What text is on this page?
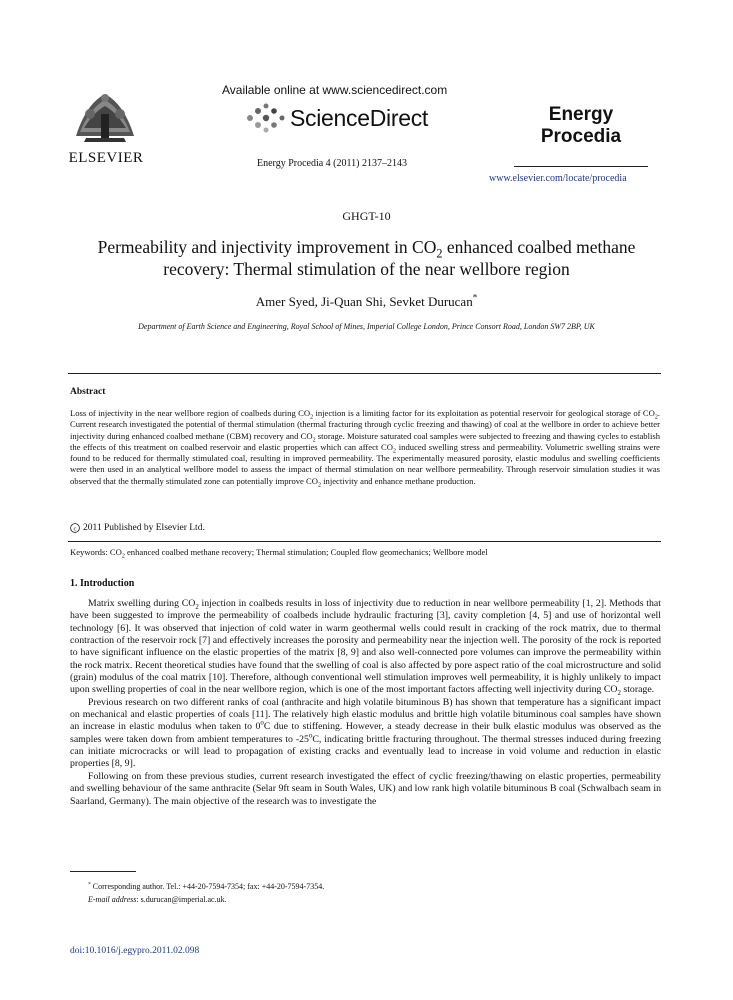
ELSEVIER
Available online at www.sciencedirect.com
ScienceDirect
Energy Procedia 4 (2011) 2137–2143
Energy
Procedia
www.elsevier.com/locate/procedia
GHGT-10
Permeability and injectivity improvement in $CO_2$ enhanced coalbed methane recovery: Thermal stimulation of the near wellbore region
Amer Syed, Ji-Quan Shi, Sevket Durucan*
Department of Earth Science and Engineering, Royal School of Mines, Imperial College London, Prince Consort Road, London SW7 2BP, UK
Abstract
Loss of injectivity in the near wellbore region of coalbeds during $CO_2$ injection is a limiting factor for its exploitation as potential reservoir for geological storage of $CO_2$. Current research investigated the potential of thermal stimulation (thermal fracturing through cyclic freezing and thawing) of coal at the wellbore in order to achieve better injectivity during enhanced coalbed methane (CBM) recovery and $CO_2$ storage. Moisture saturated coal samples were subjected to freezing and thawing cycles to establish the effects of this treatment on coalbed reservoir and elastic properties which can affect $CO_2$ induced swelling stress and permeability. Volumetric swelling strains were found to be reduced for thermally stimulated coal, resulting in improved permeability. The experimentally measured porosity, elastic modulus and swelling coefficients were then used in an analytical wellbore model to assess the impact of thermal stimulation on near wellbore permeability. Through reservoir simulation studies it was observed that the thermally stimulated zone can potentially improve $CO_2$ injectivity and enhance methane production.
c 2011 Published by Elsevier Ltd.
Keywords: $CO_2$ enhanced coalbed methane recovery; Thermal stimulation; Coupled flow geomechanics; Wellbore model
1. Introduction

Matrix swelling during $CO_2$ injection in coalbeds results in loss of injectivity due to reduction in near wellbore permeability [1, 2]. Methods that have been suggested to improve the permeability of coalbeds include hydraulic fracturing [3], cavity completion [4, 5] and use of horizontal well technology [6]. It was observed that injection of cold water in warm geothermal wells could result in cracking of the rock matrix, due to thermal contraction of the reservoir rock [7] and effectively increases the porosity and permeability near the injection well. The porosity of the rock is reported to have significant influence on the elastic properties of the matrix [8, 9] and also well-connected pore volumes can improve the permeability within the rock matrix. Recent theoretical studies have found that the swelling of coal is also affected by pore aspect ratio of the coal microstructure and solid (grain) modulus of the coal matrix [10]. Therefore, although conventional well stimulation improves well permeability, it is highly unlikely to impact upon swelling properties of coal in the near wellbore region, which is one of the most important factors affecting well injectivity during $CO_2$ storage.

Previous research on two different ranks of coal (anthracite and high volatile bituminous B) has shown that temperature has a significant impact on mechanical and elastic properties of coals [11]. The relatively high elastic modulus and brittle high volatile bituminous coal samples have shown an increase in elastic modulus when taken to 0$^o$C due to stiffening. However, a steady decrease in their bulk elastic modulus was observed as the samples were taken down from ambient temperatures to -25$^o$C, indicating brittle fracturing throughout. The thermal stresses induced during freezing can initiate microcracks or will lead to propagation of existing cracks and eventually lead to increase in void volume and reduction in elastic properties [8, 9].

Following on from these previous studies, current research investigated the effect of cyclic freezing/thawing on elastic properties, permeability and swelling behaviour of the same anthracite (Selar 9ft seam in South Wales, UK) and low rank high volatile bituminous B coal (Schwalbach seam in Saarland, Germany). The main objective of the research was to investigate the

* Corresponding author. Tel.: +44-20-7594-7354; fax: +44-20-7594-7354.
E-mail address: s.durucan@imperial.ac.uk.
doi:10.1016/j.egypro.2011.02.098
